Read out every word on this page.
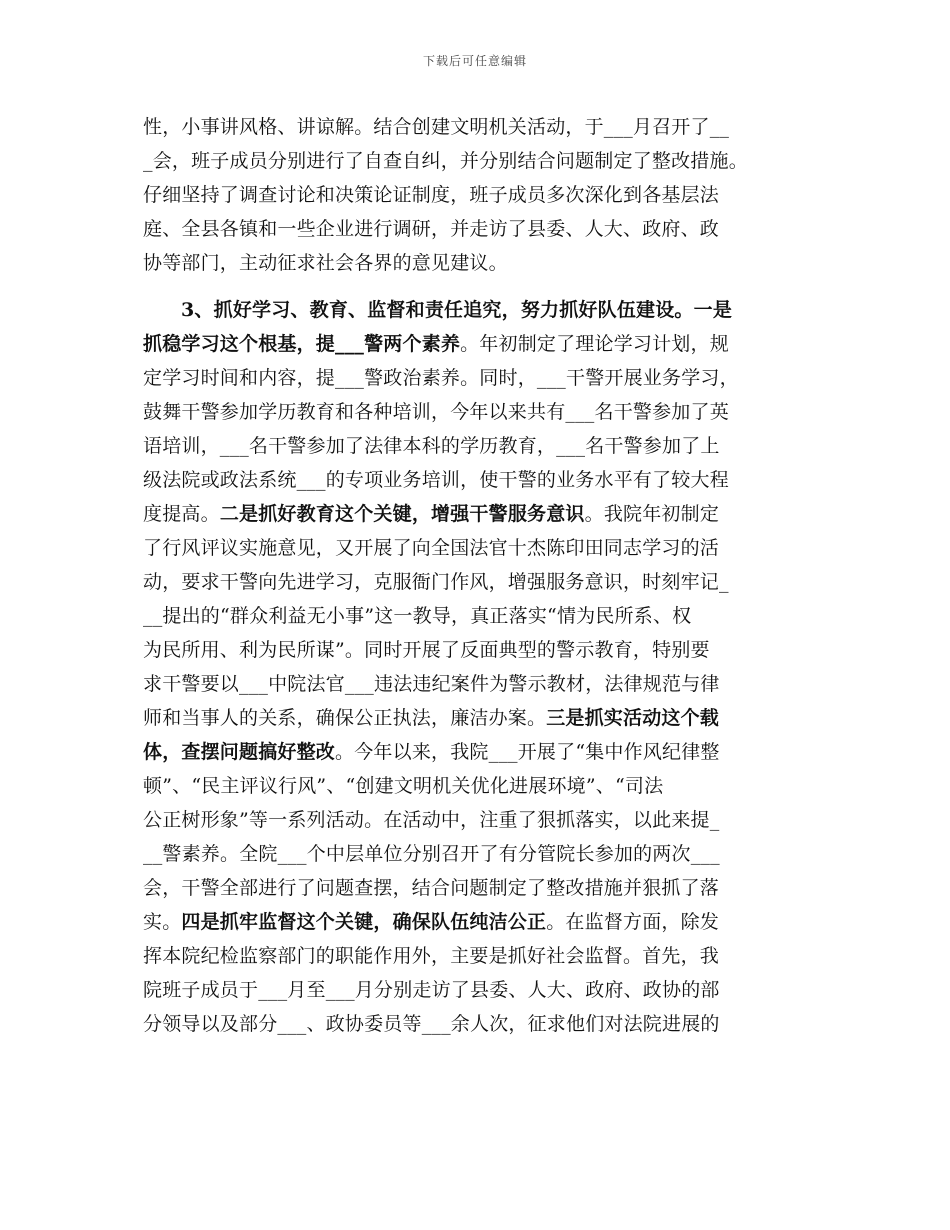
下载后可任意编辑
性，小事讲风格、讲谅解。结合创建文明机关活动，于___月召开了__
_会，班子成员分别进行了自查自纠，并分别结合问题制定了整改措施。
仔细坚持了调查讨论和决策论证制度，班子成员多次深化到各基层法
庭、全县各镇和一些企业进行调研，并走访了县委、人大、政府、政
协等部门，主动征求社会各界的意见建议。
3、抓好学习、教育、监督和责任追究，努力抓好队伍建设。一是
抓稳学习这个根基，提___警两个素养。年初制定了理论学习计划，规
定学习时间和内容，提___警政治素养。同时，___干警开展业务学习，
鼓舞干警参加学历教育和各种培训，今年以来共有___名干警参加了英
语培训，___名干警参加了法律本科的学历教育，___名干警参加了上
级法院或政法系统___的专项业务培训，使干警的业务水平有了较大程
度提高。二是抓好教育这个关键，增强干警服务意识。我院年初制定
了行风评议实施意见，又开展了向全国法官十杰陈印田同志学习的活
动，要求干警向先进学习，克服衙门作风，增强服务意识，时刻牢记_
__提出的“群众利益无小事”这一教导，真正落实“情为民所系、权
为民所用、利为民所谋”。同时开展了反面典型的警示教育，特别要
求干警要以___中院法官___违法违纪案件为警示教材，法律规范与律
师和当事人的关系，确保公正执法，廉洁办案。三是抓实活动这个载
体，查摆问题搞好整改。今年以来，我院___开展了“集中作风纪律整
顿”、“民主评议行风”、“创建文明机关优化进展环境”、“司法
公正树形象”等一系列活动。在活动中，注重了狠抓落实，以此来提_
__警素养。全院___个中层单位分别召开了有分管院长参加的两次___
会，干警全部进行了问题查摆，结合问题制定了整改措施并狠抓了落
实。四是抓牢监督这个关键，确保队伍纯洁公正。在监督方面，除发
挥本院纪检监察部门的职能作用外，主要是抓好社会监督。首先，我
院班子成员于___月至___月分别走访了县委、人大、政府、政协的部
分领导以及部分___、政协委员等___余人次，征求他们对法院进展的
